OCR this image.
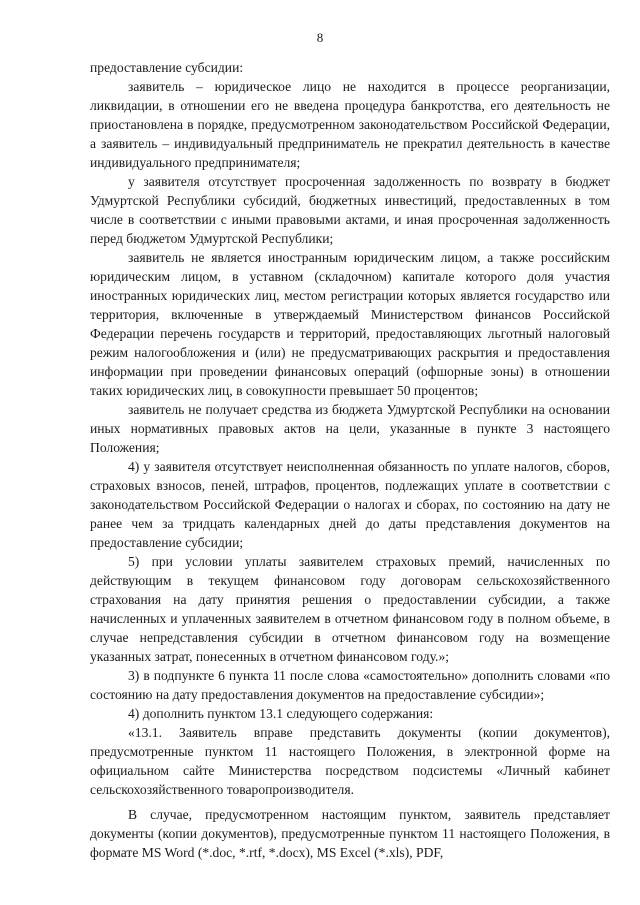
8

предоставление субсидии:

заявитель – юридическое лицо не находится в процессе реорганизации, ликвидации, в отношении его не введена процедура банкротства, его деятельность не приостановлена в порядке, предусмотренном законодательством Российской Федерации, а заявитель – индивидуальный предприниматель не прекратил деятельность в качестве индивидуального предпринимателя;

у заявителя отсутствует просроченная задолженность по возврату в бюджет Удмуртской Республики субсидий, бюджетных инвестиций, предоставленных в том числе в соответствии с иными правовыми актами, и иная просроченная задолженность перед бюджетом Удмуртской Республики;

заявитель не является иностранным юридическим лицом, а также российским юридическим лицом, в уставном (складочном) капитале которого доля участия иностранных юридических лиц, местом регистрации которых является государство или территория, включенные в утверждаемый Министерством финансов Российской Федерации перечень государств и территорий, предоставляющих льготный налоговый режим налогообложения и (или) не предусматривающих раскрытия и предоставления информации при проведении финансовых операций (офшорные зоны) в отношении таких юридических лиц, в совокупности превышает 50 процентов;

заявитель не получает средства из бюджета Удмуртской Республики на основании иных нормативных правовых актов на цели, указанные в пункте 3 настоящего Положения;

4) у заявителя отсутствует неисполненная обязанность по уплате налогов, сборов, страховых взносов, пеней, штрафов, процентов, подлежащих уплате в соответствии с законодательством Российской Федерации о налогах и сборах, по состоянию на дату не ранее чем за тридцать календарных дней до даты представления документов на предоставление субсидии;

5) при условии уплаты заявителем страховых премий, начисленных по действующим в текущем финансовом году договорам сельскохозяйственного страхования на дату принятия решения о предоставлении субсидии, а также начисленных и уплаченных заявителем в отчетном финансовом году в полном объеме, в случае непредставления субсидии в отчетном финансовом году на возмещение указанных затрат, понесенных в отчетном финансовом году.»;

3) в подпункте 6 пункта 11 после слова «самостоятельно» дополнить словами «по состоянию на дату предоставления документов на предоставление субсидии»;

4) дополнить пунктом 13.1 следующего содержания:

«13.1. Заявитель вправе представить документы (копии документов), предусмотренные пунктом 11 настоящего Положения, в электронной форме на официальном сайте Министерства посредством подсистемы «Личный кабинет сельскохозяйственного товаропроизводителя.

В случае, предусмотренном настоящим пунктом, заявитель представляет документы (копии документов), предусмотренные пунктом 11 настоящего Положения, в формате MS Word (*.doc, *.rtf, *.docx), MS Excel (*.xls), PDF,
